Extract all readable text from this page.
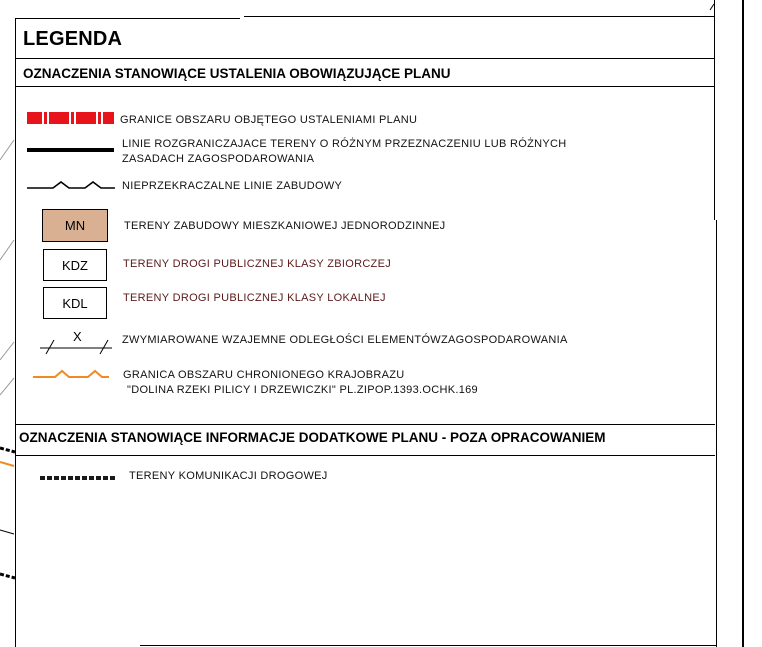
LEGENDA
OZNACZENIA STANOWIĄCE USTALENIA OBOWIĄZUJĄCE PLANU
GRANICE OBSZARU OBJĘTEGO USTALENIAMI PLANU
LINIE ROZGRANICZAJACE TERENY O RÓŻNYM PRZEZNACZENIU LUB RÓŻNYCH
ZASADACH ZAGOSPODAROWANIA
NIEPRZEKRACZALNE LINIE ZABUDOWY
MN	TERENY ZABUDOWY MIESZKANIOWEJ JEDNORODZINNEJ
KDZ	TERENY DROGI PUBLICZNEJ KLASY ZBIORCZEJ
KDL	TERENY DROGI PUBLICZNEJ KLASY LOKALNEJ
X	ZWYMIAROWANE WZAJEMNE ODLEGŁOŚCI ELEMENTÓWZAGOSPODAROWANIA
GRANICA OBSZARU CHRONIONEGO KRAJOBRAZU
"DOLINA RZEKI PILICY I DRZEWICZKI" PL.ZIPOP.1393.OCHK.169
OZNACZENIA STANOWIĄCE INFORMACJE DODATKOWE PLANU - POZA OPRACOWANIEM
TERENY KOMUNIKACJI DROGOWEJ
